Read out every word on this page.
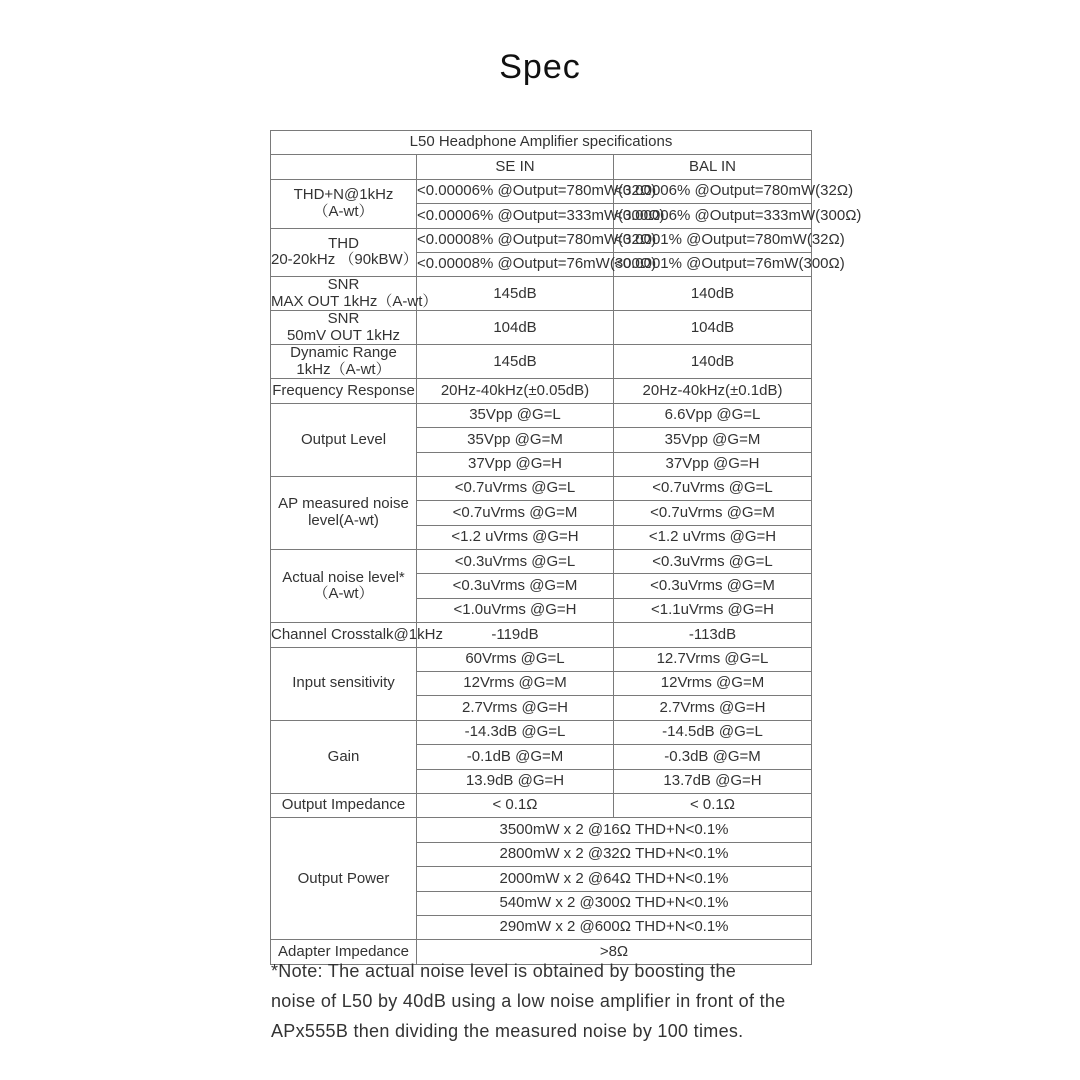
Spec
L50 Headphone Amplifier specifications		
	SE IN	BAL IN

THD+N@1kHz
（A-wt）	<0.00006% @Output=780mW(32Ω)	<0.00006% @Output=780mW(32Ω)
	<0.00006% @Output=333mW(300Ω)	<0.00006% @Output=333mW(300Ω)

THD
20-20kHz （90kBW）	<0.00008% @Output=780mW(32Ω)	<0.0001% @Output=780mW(32Ω)
	<0.00008% @Output=76mW(300Ω)	<0.0001% @Output=76mW(300Ω)

SNR
MAX OUT 1kHz（A-wt）	145dB	140dB

SNR
50mV OUT 1kHz	104dB	104dB

Dynamic Range
1kHz（A-wt）	145dB	140dB

Frequency Response	20Hz-40kHz(±0.05dB)	20Hz-40kHz(±0.1dB)

Output Level	35Vpp @G=L	6.6Vpp @G=L
	35Vpp @G=M	35Vpp @G=M
	37Vpp @G=H	37Vpp @G=H

AP measured noise
level(A-wt)	<0.7uVrms @G=L	<0.7uVrms @G=L
	<0.7uVrms @G=M	<0.7uVrms @G=M
	<1.2 uVrms @G=H	<1.2 uVrms @G=H

Actual noise level*
（A-wt）	<0.3uVrms @G=L	<0.3uVrms @G=L
	<0.3uVrms @G=M	<0.3uVrms @G=M
	<1.0uVrms @G=H	<1.1uVrms @G=H

Channel Crosstalk@1kHz	-119dB	-113dB

Input sensitivity	60Vrms @G=L	12.7Vrms @G=L
	12Vrms @G=M	12Vrms @G=M
	2.7Vrms @G=H	2.7Vrms @G=H

Gain	-14.3dB @G=L	-14.5dB @G=L
	-0.1dB @G=M	-0.3dB @G=M
	13.9dB @G=H	13.7dB @G=H

Output Impedance	< 0.1Ω	< 0.1Ω

Output Power	3500mW x 2 @16Ω THD+N<0.1%	
	2800mW x 2 @32Ω THD+N<0.1%	
	2000mW x 2 @64Ω THD+N<0.1%	
	540mW x 2 @300Ω THD+N<0.1%	
	290mW x 2 @600Ω THD+N<0.1%	

Adapter Impedance	>8Ω	

*Note: The actual noise level is obtained by boosting the

noise of L50 by 40dB using a low noise amplifier in front of the

APx555B then dividing the measured noise by 100 times.
